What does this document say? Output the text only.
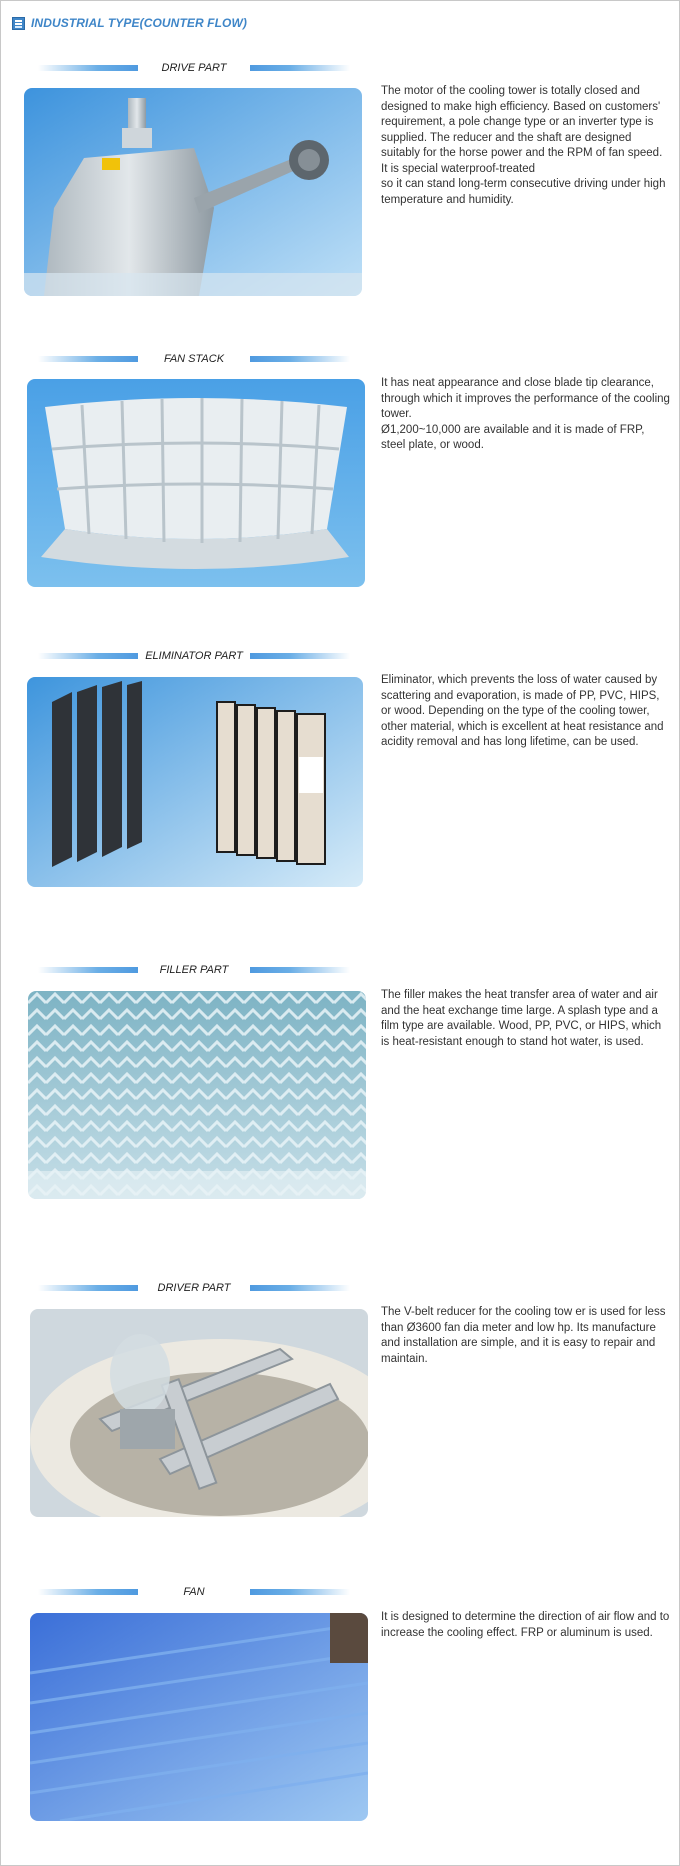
INDUSTRIAL TYPE(COUNTER FLOW)
DRIVE PART
The motor of the cooling tower is totally closed and designed to make high efficiency. Based on customers' requirement, a pole change type or an inverter type is supplied. The reducer and the shaft are designed suitably for the horse power and the RPM of fan speed. It is special waterproof-treated
so it can stand long-term consecutive driving under high temperature and humidity.
FAN STACK
It has neat appearance and close blade tip clearance, through which it improves the performance of the cooling tower.
Ø1,200~10,000 are available and it is made of FRP, steel plate, or wood.
ELIMINATOR PART
Eliminator, which prevents the loss of water caused by scattering and evaporation, is made of PP, PVC, HIPS, or wood. Depending on the type of the cooling tower, other material, which is excellent at heat resistance and acidity removal and has long lifetime, can be used.
FILLER PART
The filler makes the heat transfer area of water and air and the heat exchange time large. A splash type and a film type are available. Wood, PP, PVC, or HIPS, which is heat-resistant enough to stand hot water, is used.
DRIVER PART
The V-belt reducer for the cooling tow er is used for less than Ø3600 fan dia meter and low hp. Its manufacture and installation are simple, and it is easy to repair and maintain.
FAN
It is designed to determine the direction of air flow and to increase the cooling effect. FRP or aluminum is used.
